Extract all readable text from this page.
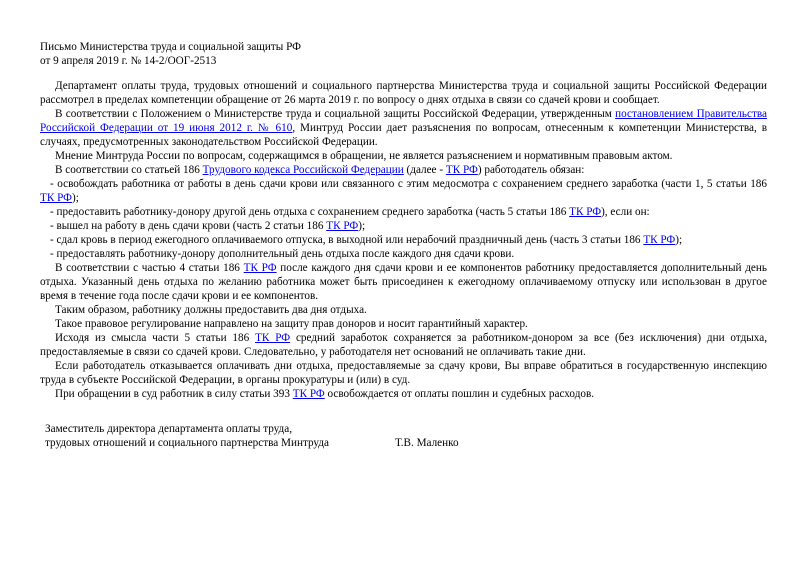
Письмо Министерства труда и социальной защиты РФ
от 9 апреля 2019 г. № 14-2/ООГ-2513

Департамент оплаты труда, трудовых отношений и социального партнерства Министерства труда и социальной защиты Российской Федерации рассмотрел в пределах компетенции обращение от 26 марта 2019 г. по вопросу о днях отдыха в связи со сдачей крови и сообщает.

В соответствии с Положением о Министерстве труда и социальной защиты Российской Федерации, утвержденным постановлением Правительства Российской Федерации от 19 июня 2012 г. № 610, Минтруд России дает разъяснения по вопросам, отнесенным к компетенции Министерства, в случаях, предусмотренных законодательством Российской Федерации.

Мнение Минтруда России по вопросам, содержащимся в обращении, не является разъяснением и нормативным правовым актом.

В соответствии со статьей 186 Трудового кодекса Российской Федерации (далее - ТК РФ) работодатель обязан:

- освобождать работника от работы в день сдачи крови или связанного с этим медосмотра с сохранением среднего заработка (части 1, 5 статьи 186 ТК РФ);

- предоставить работнику-донору другой день отдыха с сохранением среднего заработка (часть 5 статьи 186 ТК РФ), если он:

- вышел на работу в день сдачи крови (часть 2 статьи 186 ТК РФ);

- сдал кровь в период ежегодного оплачиваемого отпуска, в выходной или нерабочий праздничный день (часть 3 статьи 186 ТК РФ);

- предоставлять работнику-донору дополнительный день отдыха после каждого дня сдачи крови.

В соответствии с частью 4 статьи 186 ТК РФ после каждого дня сдачи крови и ее компонентов работнику предоставляется дополнительный день отдыха. Указанный день отдыха по желанию работника может быть присоединен к ежегодному оплачиваемому отпуску или использован в другое время в течение года после сдачи крови и ее компонентов.

Таким образом, работнику должны предоставить два дня отдыха.

Такое правовое регулирование направлено на защиту прав доноров и носит гарантийный характер.

Исходя из смысла части 5 статьи 186 ТК РФ средний заработок сохраняется за работником-донором за все (без исключения) дни отдыха, предоставляемые в связи со сдачей крови. Следовательно, у работодателя нет оснований не оплачивать такие дни.

Если работодатель отказывается оплачивать дни отдыха, предоставляемые за сдачу крови, Вы вправе обратиться в государственную инспекцию труда в субъекте Российской Федерации, в органы прокуратуры и (или) в суд.

При обращении в суд работник в силу статьи 393 ТК РФ освобождается от оплаты пошлин и судебных расходов.

Заместитель директора департамента оплаты труда,
трудовых отношений и социального партнерства Минтруда	Т.В. Маленко
